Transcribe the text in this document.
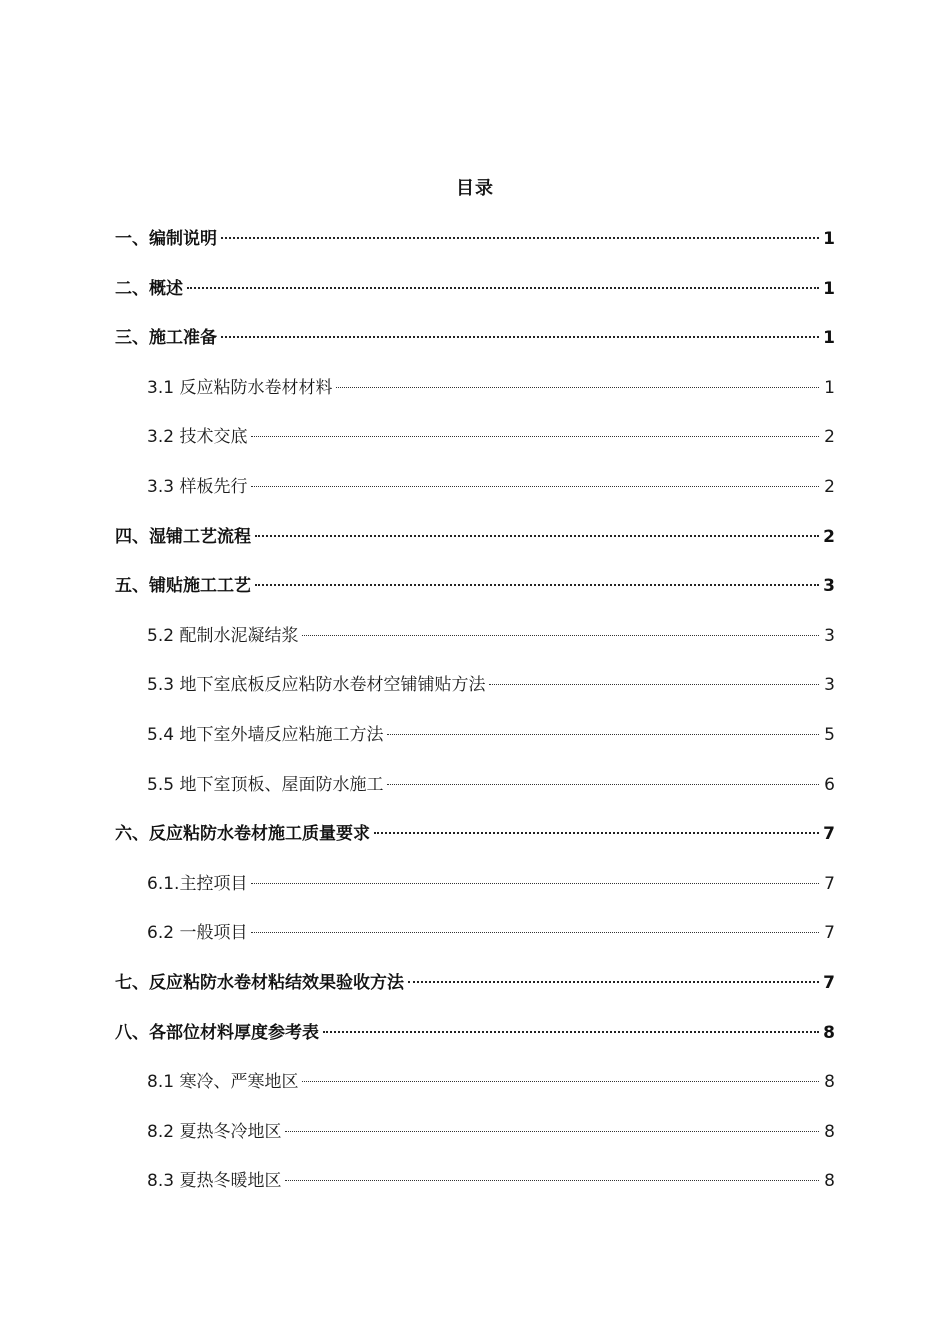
目录
一、编制说明	1
二、概述	1
三、施工准备	1
3.1 反应粘防水卷材材料	1
3.2 技术交底	2
3.3 样板先行	2
四、湿铺工艺流程	2
五、铺贴施工工艺	3
5.2 配制水泥凝结浆	3
5.3 地下室底板反应粘防水卷材空铺铺贴方法	3
5.4 地下室外墙反应粘施工方法	5
5.5 地下室顶板、屋面防水施工	6
六、反应粘防水卷材施工质量要求	7
6.1.主控项目	7
6.2 一般项目	7
七、反应粘防水卷材粘结效果验收方法	7
八、各部位材料厚度参考表	8
8.1 寒冷、严寒地区	8
8.2 夏热冬冷地区	8
8.3 夏热冬暖地区	8
